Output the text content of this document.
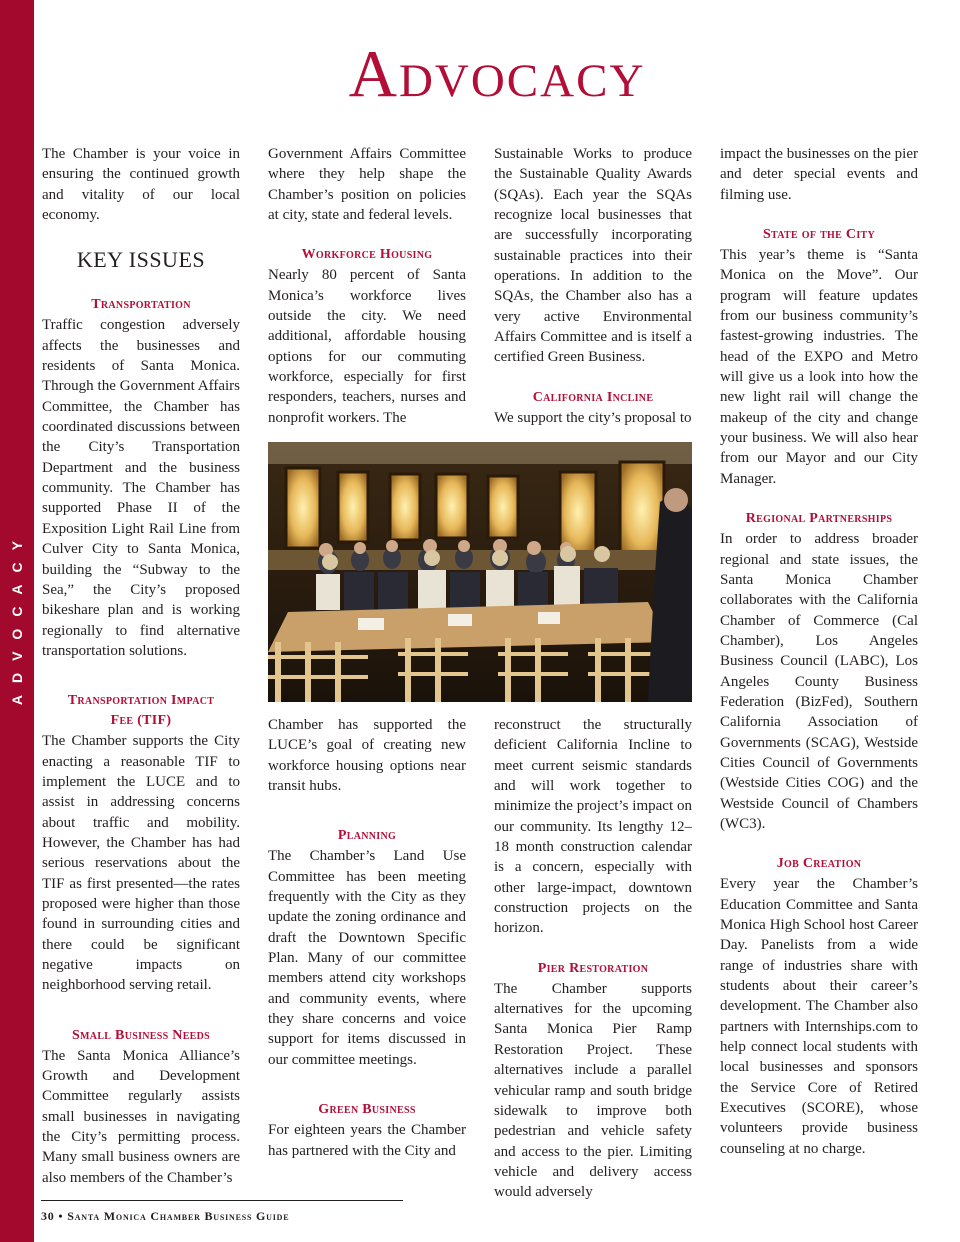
ADVOCACY
Advocacy

The Chamber is your voice in ensuring the continued growth and vitality of our local economy.

KEY ISSUES
Transportation

Traffic congestion adversely affects the businesses and residents of Santa Monica. Through the Government Affairs Committee, the Chamber has coordinated discussions between the City’s Transportation Department and the business community. The Chamber has supported Phase II of the Exposition Light Rail Line from Culver City to Santa Monica, building the “Subway to the Sea,” the City’s proposed bikeshare plan and is working regionally to find alternative transportation solutions.

Transportation Impact
Fee (TIF)

The Chamber supports the City enacting a reasonable TIF to implement the LUCE and to assist in addressing concerns about traffic and mobility. However, the Chamber has had serious reservations about the TIF as first presented—the rates proposed were higher than those found in surrounding cities and there could be significant negative impacts on neighborhood serving retail.

Small Business Needs

The Santa Monica Alliance’s Growth and Development Committee regularly assists small businesses in navigating the City’s permitting process. Many small business owners are also members of the Chamber’s

Government Affairs Committee where they help shape the Chamber’s position on policies at city, state and federal levels.

Workforce Housing

Nearly 80 percent of Santa Monica’s workforce lives outside the city. We need additional, affordable housing options for our commuting workforce, especially for first responders, teachers, nurses and nonprofit workers. The

Sustainable Works to produce the Sustainable Quality Awards (SQAs). Each year the SQAs recognize local businesses that are successfully incorporating sustainable practices into their operations. In addition to the SQAs, the Chamber also has a very active Environmental Affairs Committee and is itself a certified Green Business.

California Incline

We support the city’s proposal to

Chamber has supported the LUCE’s goal of creating new workforce housing options near transit hubs.

Planning

The Chamber’s Land Use Committee has been meeting frequently with the City as they update the zoning ordinance and draft the Downtown Specific Plan. Many of our committee members attend city workshops and community events, where they share concerns and voice support for items discussed in our committee meetings.

Green Business

For eighteen years the Chamber has partnered with the City and

reconstruct the structurally deficient California Incline to meet current seismic standards and will work together to minimize the project’s impact on our community. Its lengthy 12–18 month construction calendar is a concern, especially with other large-impact, downtown construction projects on the horizon.

Pier Restoration

The Chamber supports alternatives for the upcoming Santa Monica Pier Ramp Restoration Project. These alternatives include a parallel vehicular ramp and south bridge sidewalk to improve both pedestrian and vehicle safety and access to the pier. Limiting vehicle and delivery access would adversely

impact the businesses on the pier and deter special events and filming use.

State of the City

This year’s theme is “Santa Monica on the Move”. Our program will feature updates from our business community’s fastest-growing industries. The head of the EXPO and Metro will give us a look into how the new light rail will change the makeup of the city and change your business. We will also hear from our Mayor and our City Manager.

Regional Partnerships

In order to address broader regional and state issues, the Santa Monica Chamber collaborates with the California Chamber of Commerce (Cal Chamber), Los Angeles Business Council (LABC), Los Angeles County Business Federation (BizFed), Southern California Association of Governments (SCAG), Westside Cities Council of Governments (Westside Cities COG) and the Westside Council of Chambers (WC3).

Job Creation

Every year the Chamber’s Education Committee and Santa Monica High School host Career Day. Panelists from a wide range of industries share with students about their career’s development. The Chamber also partners with Internships.com to help connect local students with local businesses and sponsors the Service Core of Retired Executives (SCORE), whose volunteers provide business counseling at no charge.

30 • Santa Monica Chamber Business Guide
